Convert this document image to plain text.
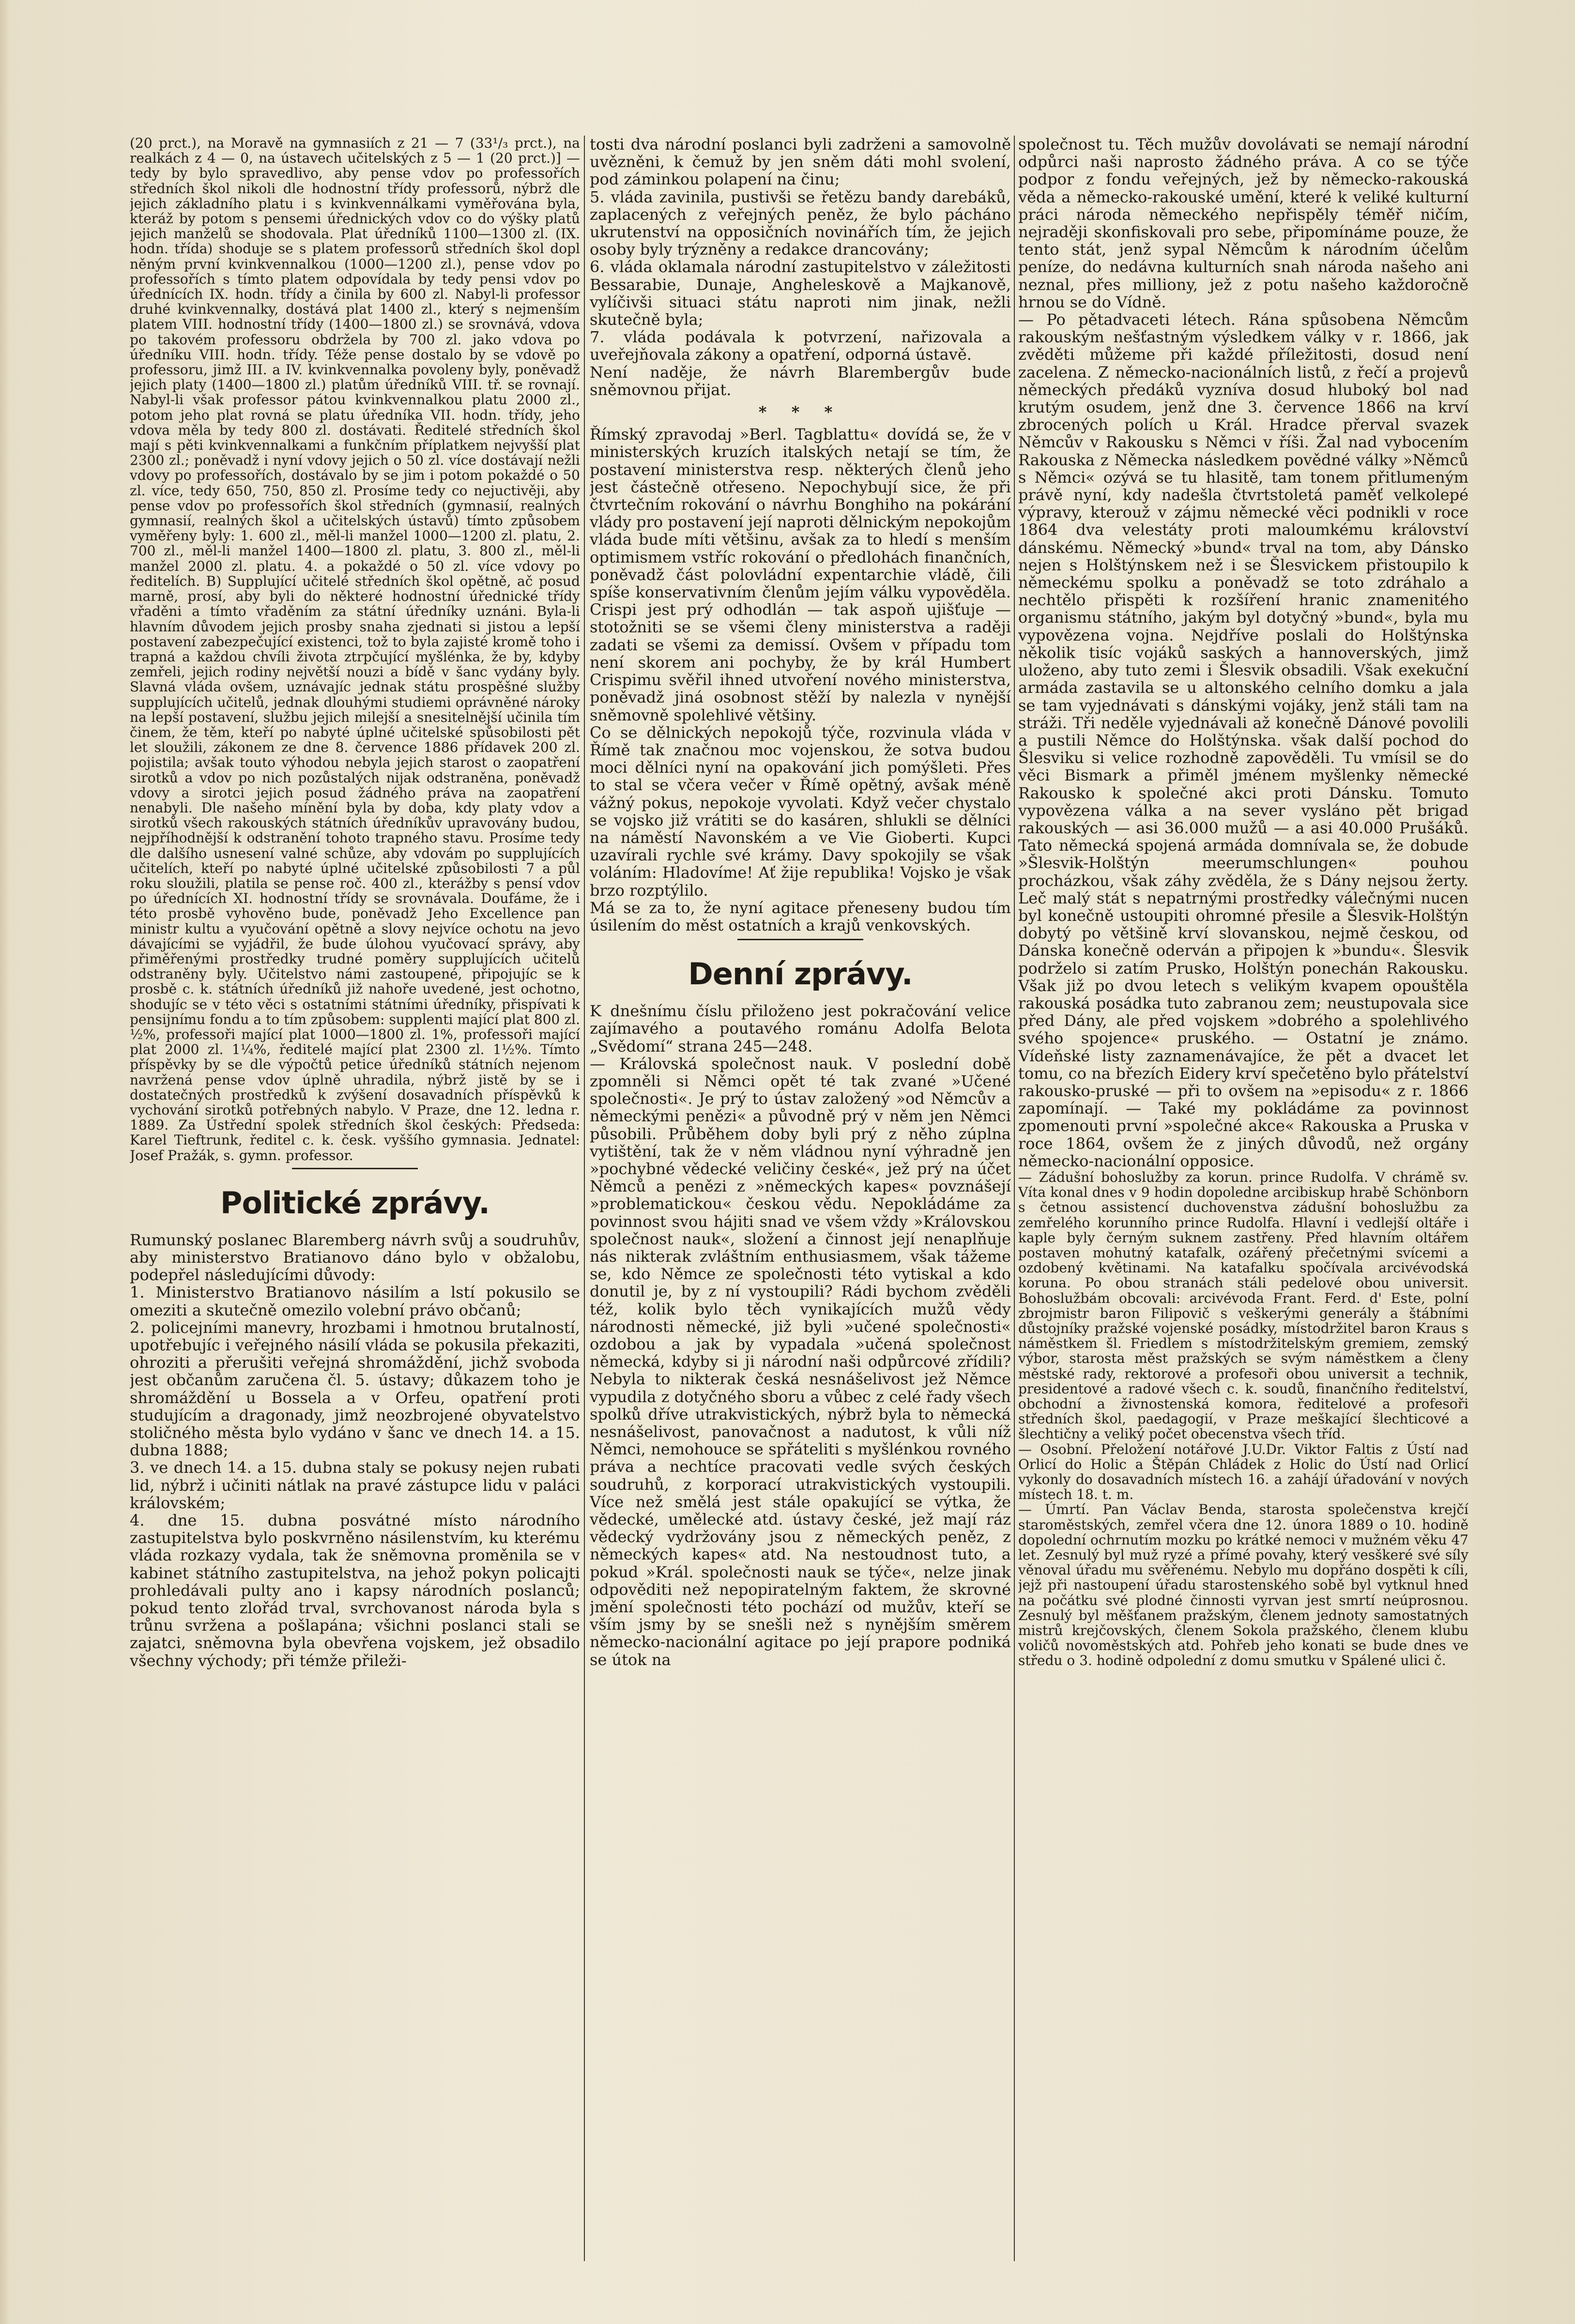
(20 prct.), na Moravě na gymnasiích z 21 — 7 (33¹/₃ prct.), na realkách z 4 — 0, na ústavech učitelských z 5 — 1 (20 prct.)] — tedy by bylo spravedlivo, aby pense vdov po professořích středních škol nikoli dle hodnostní třídy professorů, nýbrž dle jejich základního platu i s kvinkvennálkami vyměřována byla, kteráž by potom s pensemi úřednických vdov co do výšky platů jejich manželů se shodovala. Plat úředníků 1100—1300 zl. (IX. hodn. třída) shoduje se s platem professorů středních škol dopl něným první kvinkvennalkou (1000—1200 zl.), pense vdov po professořích s tímto platem odpovídala by tedy pensi vdov po úřednících IX. hodn. třídy a činila by 600 zl. Nabyl-li professor druhé kvinkvennalky, dostává plat 1400 zl., který s nejmenším platem VIII. hodnostní třídy (1400—1800 zl.) se srovnává, vdova po takovém professoru obdržela by 700 zl. jako vdova po úředníku VIII. hodn. třídy. Téže pense dostalo by se vdově po professoru, jimž III. a IV. kvinkvennalka povoleny byly, poněvadž jejich platy (1400—1800 zl.) platům úředníků VIII. tř. se rovnají. Nabyl-li však professor pátou kvinkvennalkou platu 2000 zl., potom jeho plat rovná se platu úředníka VII. hodn. třídy, jeho vdova měla by tedy 800 zl. dostávati. Ředitelé středních škol mají s pěti kvinkvennalkami a funkčním příplatkem nejvyšší plat 2300 zl.; poněvadž i nyní vdovy jejich o 50 zl. více dostávají nežli vdovy po professořích, dostávalo by se jim i potom pokaždé o 50 zl. více, tedy 650, 750, 850 zl. Prosíme tedy co nejuctivěji, aby pense vdov po professořích škol středních (gymnasií, realných gymnasií, realných škol a učitelských ústavů) tímto způsobem vyměřeny byly: 1. 600 zl., měl-li manžel 1000—1200 zl. platu, 2. 700 zl., měl-li manžel 1400—1800 zl. platu, 3. 800 zl., měl-li manžel 2000 zl. platu. 4. a pokaždé o 50 zl. více vdovy po ředitelích. B) Supplující učitelé středních škol opětně, ač posud marně, prosí, aby byli do některé hodnostní úřednické třídy vřaděni a tímto vřaděním za státní úředníky uznáni. Byla-li hlavním důvodem jejich prosby snaha zjednati si jistou a lepší postavení zabezpečující existenci, tož to byla zajisté kromě toho i trapná a každou chvíli života ztrpčující myšlénka, že by, kdyby zemřeli, jejich rodiny největší nouzi a bídě v šanc vydány byly. Slavná vláda ovšem, uznávajíc jednak státu prospěšné služby supplujících učitelů, jednak dlouhými studiemi oprávněné nároky na lepší postavení, službu jejich milejší a snesitelnější učinila tím činem, že těm, kteří po nabyté úplné učitelské spůsobilosti pět let sloužili, zákonem ze dne 8. července 1886 přídavek 200 zl. pojistila; avšak touto výhodou nebyla jejich starost o zaopatření sirotků a vdov po nich pozůstalých nijak odstraněna, poněvadž vdovy a sirotci jejich posud žádného práva na zaopatření nenabyli. Dle našeho mínění byla by doba, kdy platy vdov a sirotků všech rakouských státních úředníkův upravovány budou, nejpříhodnější k odstranění tohoto trapného stavu. Prosíme tedy dle dalšího usnesení valné schůze, aby vdovám po supplujících učitelích, kteří po nabyté úplné učitelské způsobilosti 7 a půl roku sloužili, platila se pense roč. 400 zl., kterážby s pensí vdov po úřednících XI. hodnostní třídy se srovnávala. Doufáme, že i této prosbě vyhověno bude, poněvadž Jeho Excellence pan ministr kultu a vyučování opětně a slovy nejvíce ochotu na jevo dávajícími se vyjádřil, že bude úlohou vyučovací správy, aby přiměřenými prostředky trudné poměry supplujících učitelů odstraněny byly. Učitelstvo námi zastoupené, připojujíc se k prosbě c. k. státních úředníků již nahoře uvedené, jest ochotno, shodujíc se v této věci s ostatními státními úředníky, přispívati k pensijnímu fondu a to tím způsobem: supplenti mající plat 800 zl. ½%, professoři mající plat 1000—1800 zl. 1%, professoři mající plat 2000 zl. 1¼%, ředitelé mající plat 2300 zl. 1½%. Tímto příspěvky by se dle výpočtů petice úředníků státních nejenom navržená pense vdov úplně uhradila, nýbrž jistě by se i dostatečných prostředků k zvýšení dosavadních příspěvků k vychování sirotků potřebných nabylo. V Praze, dne 12. ledna r. 1889. Za Ústřední spolek středních škol českých: Předseda: Karel Tieftrunk, ředitel c. k. česk. vyššího gymnasia. Jednatel: Josef Pražák, s. gymn. professor.

Politické zprávy.

Rumunský poslanec Blaremberg návrh svůj a soudruhův, aby ministerstvo Bratianovo dáno bylo v obžalobu, podepřel následujícími důvody:

1. Ministerstvo Bratianovo násilím a lstí pokusilo se omeziti a skutečně omezilo volební právo občanů;

2. policejními manevry, hrozbami i hmotnou brutalností, upotřebujíc i veřejného násilí vláda se pokusila překaziti, ohroziti a přerušiti veřejná shromáždění, jichž svoboda jest občanům zaručena čl. 5. ústavy; důkazem toho je shromáždění u Bossela a v Orfeu, opatření proti studujícím a dragonady, jimž neozbrojené obyvatelstvo stoličného města bylo vydáno v šanc ve dnech 14. a 15. dubna 1888;

3. ve dnech 14. a 15. dubna staly se pokusy nejen rubati lid, nýbrž i učiniti nátlak na pravé zástupce lidu v paláci královském;

4. dne 15. dubna posvátné místo národního zastupitelstva bylo poskvrněno násilenstvím, ku kterému vláda rozkazy vydala, tak že sněmovna proměnila se v kabinet státního zastupitelstva, na jehož pokyn policajti prohledávali pulty ano i kapsy národních poslanců; pokud tento zlořád trval, svrchovanost národa byla s trůnu svržena a pošlapána; všichni poslanci stali se zajatci, sněmovna byla obevřena vojskem, jež obsadilo všechny východy; při témže přileži-

tosti dva národní poslanci byli zadrženi a samovolně uvězněni, k čemuž by jen sněm dáti mohl svolení, pod záminkou polapení na činu;

5. vláda zavinila, pustivši se řetězu bandy darebáků, zaplacených z veřejných peněz, že bylo pácháno ukrutenství na opposičních novinářích tím, že jejich osoby byly trýzněny a redakce drancovány;

6. vláda oklamala národní zastupitelstvo v záležitosti Bessarabie, Dunaje, Angheleskově a Majkanově, vylíčivši situaci státu naproti nim jinak, nežli skutečně byla;

7. vláda podávala k potvrzení, nařizovala a uveřejňovala zákony a opatření, odporná ústavě.

Není naděje, že návrh Blarembergův bude sněmovnou přijat.

* * *

Římský zpravodaj »Berl. Tagblattu« dovídá se, že v ministerských kruzích italských netají se tím, že postavení ministerstva resp. některých členů jeho jest částečně otřeseno. Nepochybují sice, že při čtvrtečním rokování o návrhu Bonghiho na pokárání vlády pro postavení její naproti dělnickým nepokojům vláda bude míti většinu, avšak za to hledí s menším optimismem vstříc rokování o předlohách finančních, poněvadž část polovládní expentarchie vládě, čili spíše konservativním členům jejím válku vypověděla. Crispi jest prý odhodlán — tak aspoň ujišťuje — stotožniti se se všemi členy ministerstva a raději zadati se všemi za demissí. Ovšem v případu tom není skorem ani pochyby, že by král Humbert Crispimu svěřil ihned utvoření nového ministerstva, poněvadž jiná osobnost stěží by nalezla v nynější sněmovně spolehlivé většiny.

Co se dělnických nepokojů týče, rozvinula vláda v Římě tak značnou moc vojenskou, že sotva budou moci dělníci nyní na opakování jich pomýšleti. Přes to stal se včera večer v Římě opětný, avšak méně vážný pokus, nepokoje vyvolati. Když večer chystalo se vojsko již vrátiti se do kasáren, shlukli se dělníci na náměstí Navonském a ve Vie Gioberti. Kupci uzavírali rychle své krámy. Davy spokojily se však voláním: Hladovíme! Ať žije republika! Vojsko je však brzo rozptýlilo.

Má se za to, že nyní agitace přeneseny budou tím úsilením do měst ostatních a krajů venkovských.

Denní zprávy.

K dnešnímu číslu přiloženo jest pokračování velice zajímavého a poutavého románu Adolfa Belota „Svědomí“ strana 245—248.

— Královská společnost nauk. V poslední době zpomněli si Němci opět té tak zvané »Učené společnosti«. Je prý to ústav založený »od Němcův a německými penězi« a původně prý v něm jen Němci působili. Průběhem doby byli prý z něho zúplna vytištění, tak že v něm vládnou nyní výhradně jen »pochybné vědecké veličiny české«, jež prý na účet Němců a penězi z »německých kapes« povznášejí »problematickou« českou vědu. Nepokládáme za povinnost svou hájiti snad ve všem vždy »Královskou společnost nauk«, složení a činnost její nenaplňuje nás nikterak zvláštním enthusiasmem, však tážeme se, kdo Němce ze společnosti této vytiskal a kdo donutil je, by z ní vystoupili? Rádi bychom zvěděli též, kolik bylo těch vynikajících mužů vědy národnosti německé, již byli »učené společnosti« ozdobou a jak by vypadala »učená společnost německá, kdyby si ji národní naši odpůrcové zřídili? Nebyla to nikterak česká nesnášelivost jež Němce vypudila z dotyčného sboru a vůbec z celé řady všech spolků dříve utrakvistických, nýbrž byla to německá nesnášelivost, panovačnost a nadutost, k vůli níž Němci, nemohouce se spřáteliti s myšlénkou rovného práva a nechtíce pracovati vedle svých českých soudruhů, z korporací utrakvistických vystoupili. Více než smělá jest stále opakující se výtka, že vědecké, umělecké atd. ústavy české, jež mají ráz vědecký vydržovány jsou z německých peněz, z německých kapes« atd. Na nestoudnost tuto, a pokud »Král. společnosti nauk se týče«, nelze jinak odpověditi než nepopiratelným faktem, že skrovné jmění společnosti této pochází od mužův, kteří se vším jsmy by se snešli než s nynějším směrem německo-nacionální agitace po její prapore podniká se útok na

společnost tu. Těch mužův dovolávati se nemají národní odpůrci naši naprosto žádného práva. A co se týče podpor z fondu veřejných, jež by německo-rakouská věda a německo-rakouské umění, které k veliké kulturní práci národa německého nepřispěly téměř ničím, nejraději skonfiskovali pro sebe, připomínáme pouze, že tento stát, jenž sypal Němcům k národním účelům peníze, do nedávna kulturních snah národa našeho ani neznal, přes milliony, jež z potu našeho každoročně hrnou se do Vídně.

— Po pětadvaceti létech. Rána spůsobena Němcům rakouským nešťastným výsledkem války v r. 1866, jak zvěděti můžeme při každé příležitosti, dosud není zacelena. Z německo-nacionálních listů, z řečí a projevů německých předáků vyzníva dosud hluboký bol nad krutým osudem, jenž dne 3. července 1866 na krví zbrocených polích u Král. Hradce přerval svazek Němcův v Rakousku s Němci v říši. Žal nad vybocením Rakouska z Německa následkem povědné války »Němců s Němci« ozývá se tu hlasitě, tam tonem přitlumeným právě nyní, kdy nadešla čtvrtstoletá paměť velkolepé výpravy, kterouž v zájmu německé věci podnikli v roce 1864 dva velestáty proti maloumkému království dánskému. Německý »bund« trval na tom, aby Dánsko nejen s Holštýnskem než i se Šlesvickem přistoupilo k německému spolku a poněvadž se toto zdráhalo a nechtělo přispěti k rozšíření hranic znamenitého organismu státního, jakým byl dotyčný »bund«, byla mu vypovězena vojna. Nejdříve poslali do Holštýnska několik tisíc vojáků saských a hannoverských, jimž uloženo, aby tuto zemi i Šlesvik obsadili. Však exekuční armáda zastavila se u altonského celního domku a jala se tam vyjednávati s dánskými vojáky, jenž stáli tam na stráži. Tři neděle vyjednávali až konečně Dánové povolili a pustili Němce do Holštýnska. však další pochod do Šlesviku si velice rozhodně zapověděli. Tu vmísil se do věci Bismark a přiměl jménem myšlenky německé Rakousko k společné akci proti Dánsku. Tomuto vypovězena válka a na sever vysláno pět brigad rakouských — asi 36.000 mužů — a asi 40.000 Prušáků. Tato německá spojená armáda domnívala se, že dobude »Šlesvik-Holštýn meerumschlungen« pouhou procházkou, však záhy zvěděla, že s Dány nejsou žerty. Leč malý stát s nepatrnými prostředky válečnými nucen byl konečně ustoupiti ohromné přesile a Šlesvik-Holštýn dobytý po většině krví slovanskou, nejmě českou, od Dánska konečně oderván a připojen k »bundu«. Šlesvik podrželo si zatím Prusko, Holštýn ponechán Rakousku. Však již po dvou letech s velikým kvapem opouštěla rakouská posádka tuto zabranou zem; neustupovala sice před Dány, ale před vojskem »dobrého a spolehlivého svého spojence« pruského. — Ostatní je známo. Vídeňské listy zaznamenávajíce, že pět a dvacet let tomu, co na březích Eidery krví spečetěno bylo přátelství rakousko-pruské — při to ovšem na »episodu« z r. 1866 zapomínají. — Také my pokládáme za povinnost zpomenouti první »společné akce« Rakouska a Pruska v roce 1864, ovšem že z jiných důvodů, než orgány německo-nacionální opposice.

— Zádušní bohoslužby za korun. prince Rudolfa. V chrámě sv. Víta konal dnes v 9 hodin dopoledne arcibiskup hrabě Schönborn s četnou assistencí duchovenstva zádušní bohoslužbu za zemřelého korunního prince Rudolfa. Hlavní i vedlejší oltáře i kaple byly černým suknem zastřeny. Před hlavním oltářem postaven mohutný katafalk, ozářený přečetnými svícemi a ozdobený květinami. Na katafalku spočívala arcivévodská koruna. Po obou stranách stáli pedelové obou universit. Bohoslužbám obcovali: arcivévoda Frant. Ferd. d' Este, polní zbrojmistr baron Filipovič s veškerými generály a štábními důstojníky pražské vojenské posádky, místodržitel baron Kraus s náměstkem šl. Friedlem s místodržitelským gremiem, zemský výbor, starosta měst pražských se svým náměstkem a členy městské rady, rektorové a profesoři obou universit a technik, presidentové a radové všech c. k. soudů, finančního ředitelství, obchodní a živnostenská komora, ředitelové a profesoři středních škol, paedagogií, v Praze meškající šlechticové a šlechtičny a veliký počet obecenstva všech tříd.

— Osobní. Přeložení notářové J.U.Dr. Viktor Faltis z Ústí nad Orlicí do Holic a Štěpán Chládek z Holic do Ústí nad Orlicí vykonly do dosavadních místech 16. a zahájí úřadování v nových místech 18. t. m.

— Úmrtí. Pan Václav Benda, starosta společenstva krejčí staroměstských, zemřel včera dne 12. února 1889 o 10. hodině dopolední ochrnutím mozku po krátké nemoci v mužném věku 47 let. Zesnulý byl muž ryzé a přímé povahy, který vesškeré své síly věnoval úřadu mu svěřenému. Nebylo mu dopřáno dospěti k cíli, jejž při nastoupení úřadu starostenského sobě byl vytknul hned na počátku své plodné činnosti vyrvan jest smrtí neúprosnou. Zesnulý byl měšťanem pražským, členem jednoty samostatných mistrů krejčovských, členem Sokola pražského, členem klubu voličů novoměstských atd. Pohřeb jeho konati se bude dnes ve středu o 3. hodině odpolední z domu smutku v Spálené ulici č.
